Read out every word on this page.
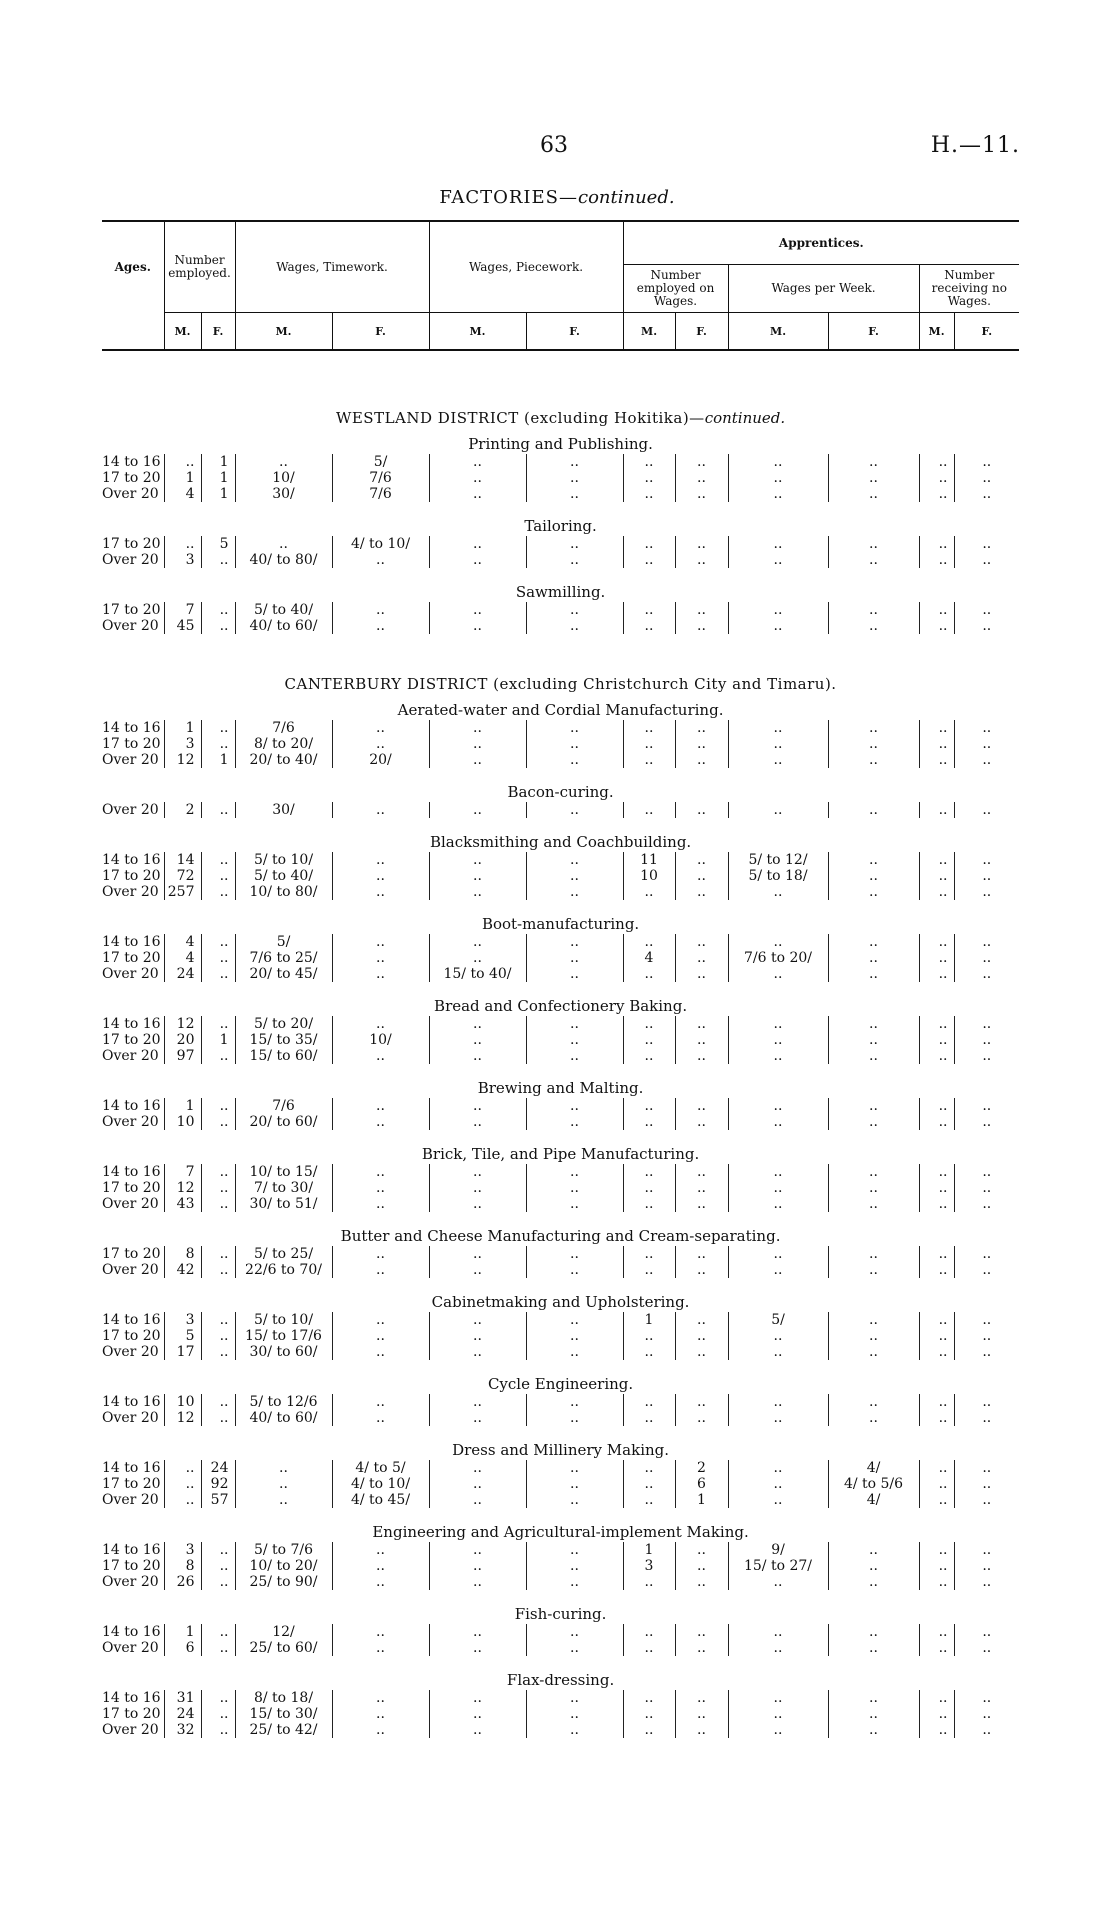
63	H.—11.
FACTORIES—continued.
Ages.	Number employed.		Wages, Timework.		Wages, Piecework.		Apprentices.					
							Number employed on Wages.		Wages per Week.		Number receiving no Wages.	
	M.	F.	M.	F.	M.	F.	M.	F.	M.	F.	M.	F.
WESTLAND DISTRICT (excluding Hokitika)—continued.												
Printing and Publishing.												
14 to 16	..	1	..	5/	..	..	..	..	..	..	..	..
17 to 20	1	1	10/	7/6	..	..	..	..	..	..	..	..
Over 20	4	1	30/	7/6	..	..	..	..	..	..	..	..
Tailoring.												
17 to 20	..	5	..	4/ to 10/	..	..	..	..	..	..	..	..
Over 20	3	..	40/ to 80/	..	..	..	..	..	..	..	..	..
Sawmilling.												
17 to 20	7	..	5/ to 40/	..	..	..	..	..	..	..	..	..
Over 20	45	..	40/ to 60/	..	..	..	..	..	..	..	..	..
CANTERBURY DISTRICT (excluding Christchurch City and Timaru).												
Aerated-water and Cordial Manufacturing.												
14 to 16	1	..	7/6	..	..	..	..	..	..	..	..	..
17 to 20	3	..	8/ to 20/	..	..	..	..	..	..	..	..	..
Over 20	12	1	20/ to 40/	20/	..	..	..	..	..	..	..	..
Bacon-curing.												
Over 20	2	..	30/	..	..	..	..	..	..	..	..	..
Blacksmithing and Coachbuilding.												
14 to 16	14	..	5/ to 10/	..	..	..	11	..	5/ to 12/	..	..	..
17 to 20	72	..	5/ to 40/	..	..	..	10	..	5/ to 18/	..	..	..
Over 20	257	..	10/ to 80/	..	..	..	..	..	..	..	..	..
Boot-manufacturing.												
14 to 16	4	..	5/	..	..	..	..	..	..	..	..	..
17 to 20	4	..	7/6 to 25/	..	..	..	4	..	7/6 to 20/	..	..	..
Over 20	24	..	20/ to 45/	..	15/ to 40/	..	..	..	..	..	..	..
Bread and Confectionery Baking.												
14 to 16	12	..	5/ to 20/	..	..	..	..	..	..	..	..	..
17 to 20	20	1	15/ to 35/	10/	..	..	..	..	..	..	..	..
Over 20	97	..	15/ to 60/	..	..	..	..	..	..	..	..	..
Brewing and Malting.												
14 to 16	1	..	7/6	..	..	..	..	..	..	..	..	..
Over 20	10	..	20/ to 60/	..	..	..	..	..	..	..	..	..
Brick, Tile, and Pipe Manufacturing.												
14 to 16	7	..	10/ to 15/	..	..	..	..	..	..	..	..	..
17 to 20	12	..	7/ to 30/	..	..	..	..	..	..	..	..	..
Over 20	43	..	30/ to 51/	..	..	..	..	..	..	..	..	..
Butter and Cheese Manufacturing and Cream-separating.												
17 to 20	8	..	5/ to 25/	..	..	..	..	..	..	..	..	..
Over 20	42	..	22/6 to 70/	..	..	..	..	..	..	..	..	..
Cabinetmaking and Upholstering.												
14 to 16	3	..	5/ to 10/	..	..	..	1	..	5/	..	..	..
17 to 20	5	..	15/ to 17/6	..	..	..	..	..	..	..	..	..
Over 20	17	..	30/ to 60/	..	..	..	..	..	..	..	..	..
Cycle Engineering.												
14 to 16	10	..	5/ to 12/6	..	..	..	..	..	..	..	..	..
Over 20	12	..	40/ to 60/	..	..	..	..	..	..	..	..	..
Dress and Millinery Making.												
14 to 16	..	24	..	4/ to 5/	..	..	..	2	..	4/	..	..
17 to 20	..	92	..	4/ to 10/	..	..	..	6	..	4/ to 5/6	..	..
Over 20	..	57	..	4/ to 45/	..	..	..	1	..	4/	..	..
Engineering and Agricultural-implement Making.												
14 to 16	3	..	5/ to 7/6	..	..	..	1	..	9/	..	..	..
17 to 20	8	..	10/ to 20/	..	..	..	3	..	15/ to 27/	..	..	..
Over 20	26	..	25/ to 90/	..	..	..	..	..	..	..	..	..
Fish-curing.												
14 to 16	1	..	12/	..	..	..	..	..	..	..	..	..
Over 20	6	..	25/ to 60/	..	..	..	..	..	..	..	..	..
Flax-dressing.												
14 to 16	31	..	8/ to 18/	..	..	..	..	..	..	..	..	..
17 to 20	24	..	15/ to 30/	..	..	..	..	..	..	..	..	..
Over 20	32	..	25/ to 42/	..	..	..	..	..	..	..	..	..
